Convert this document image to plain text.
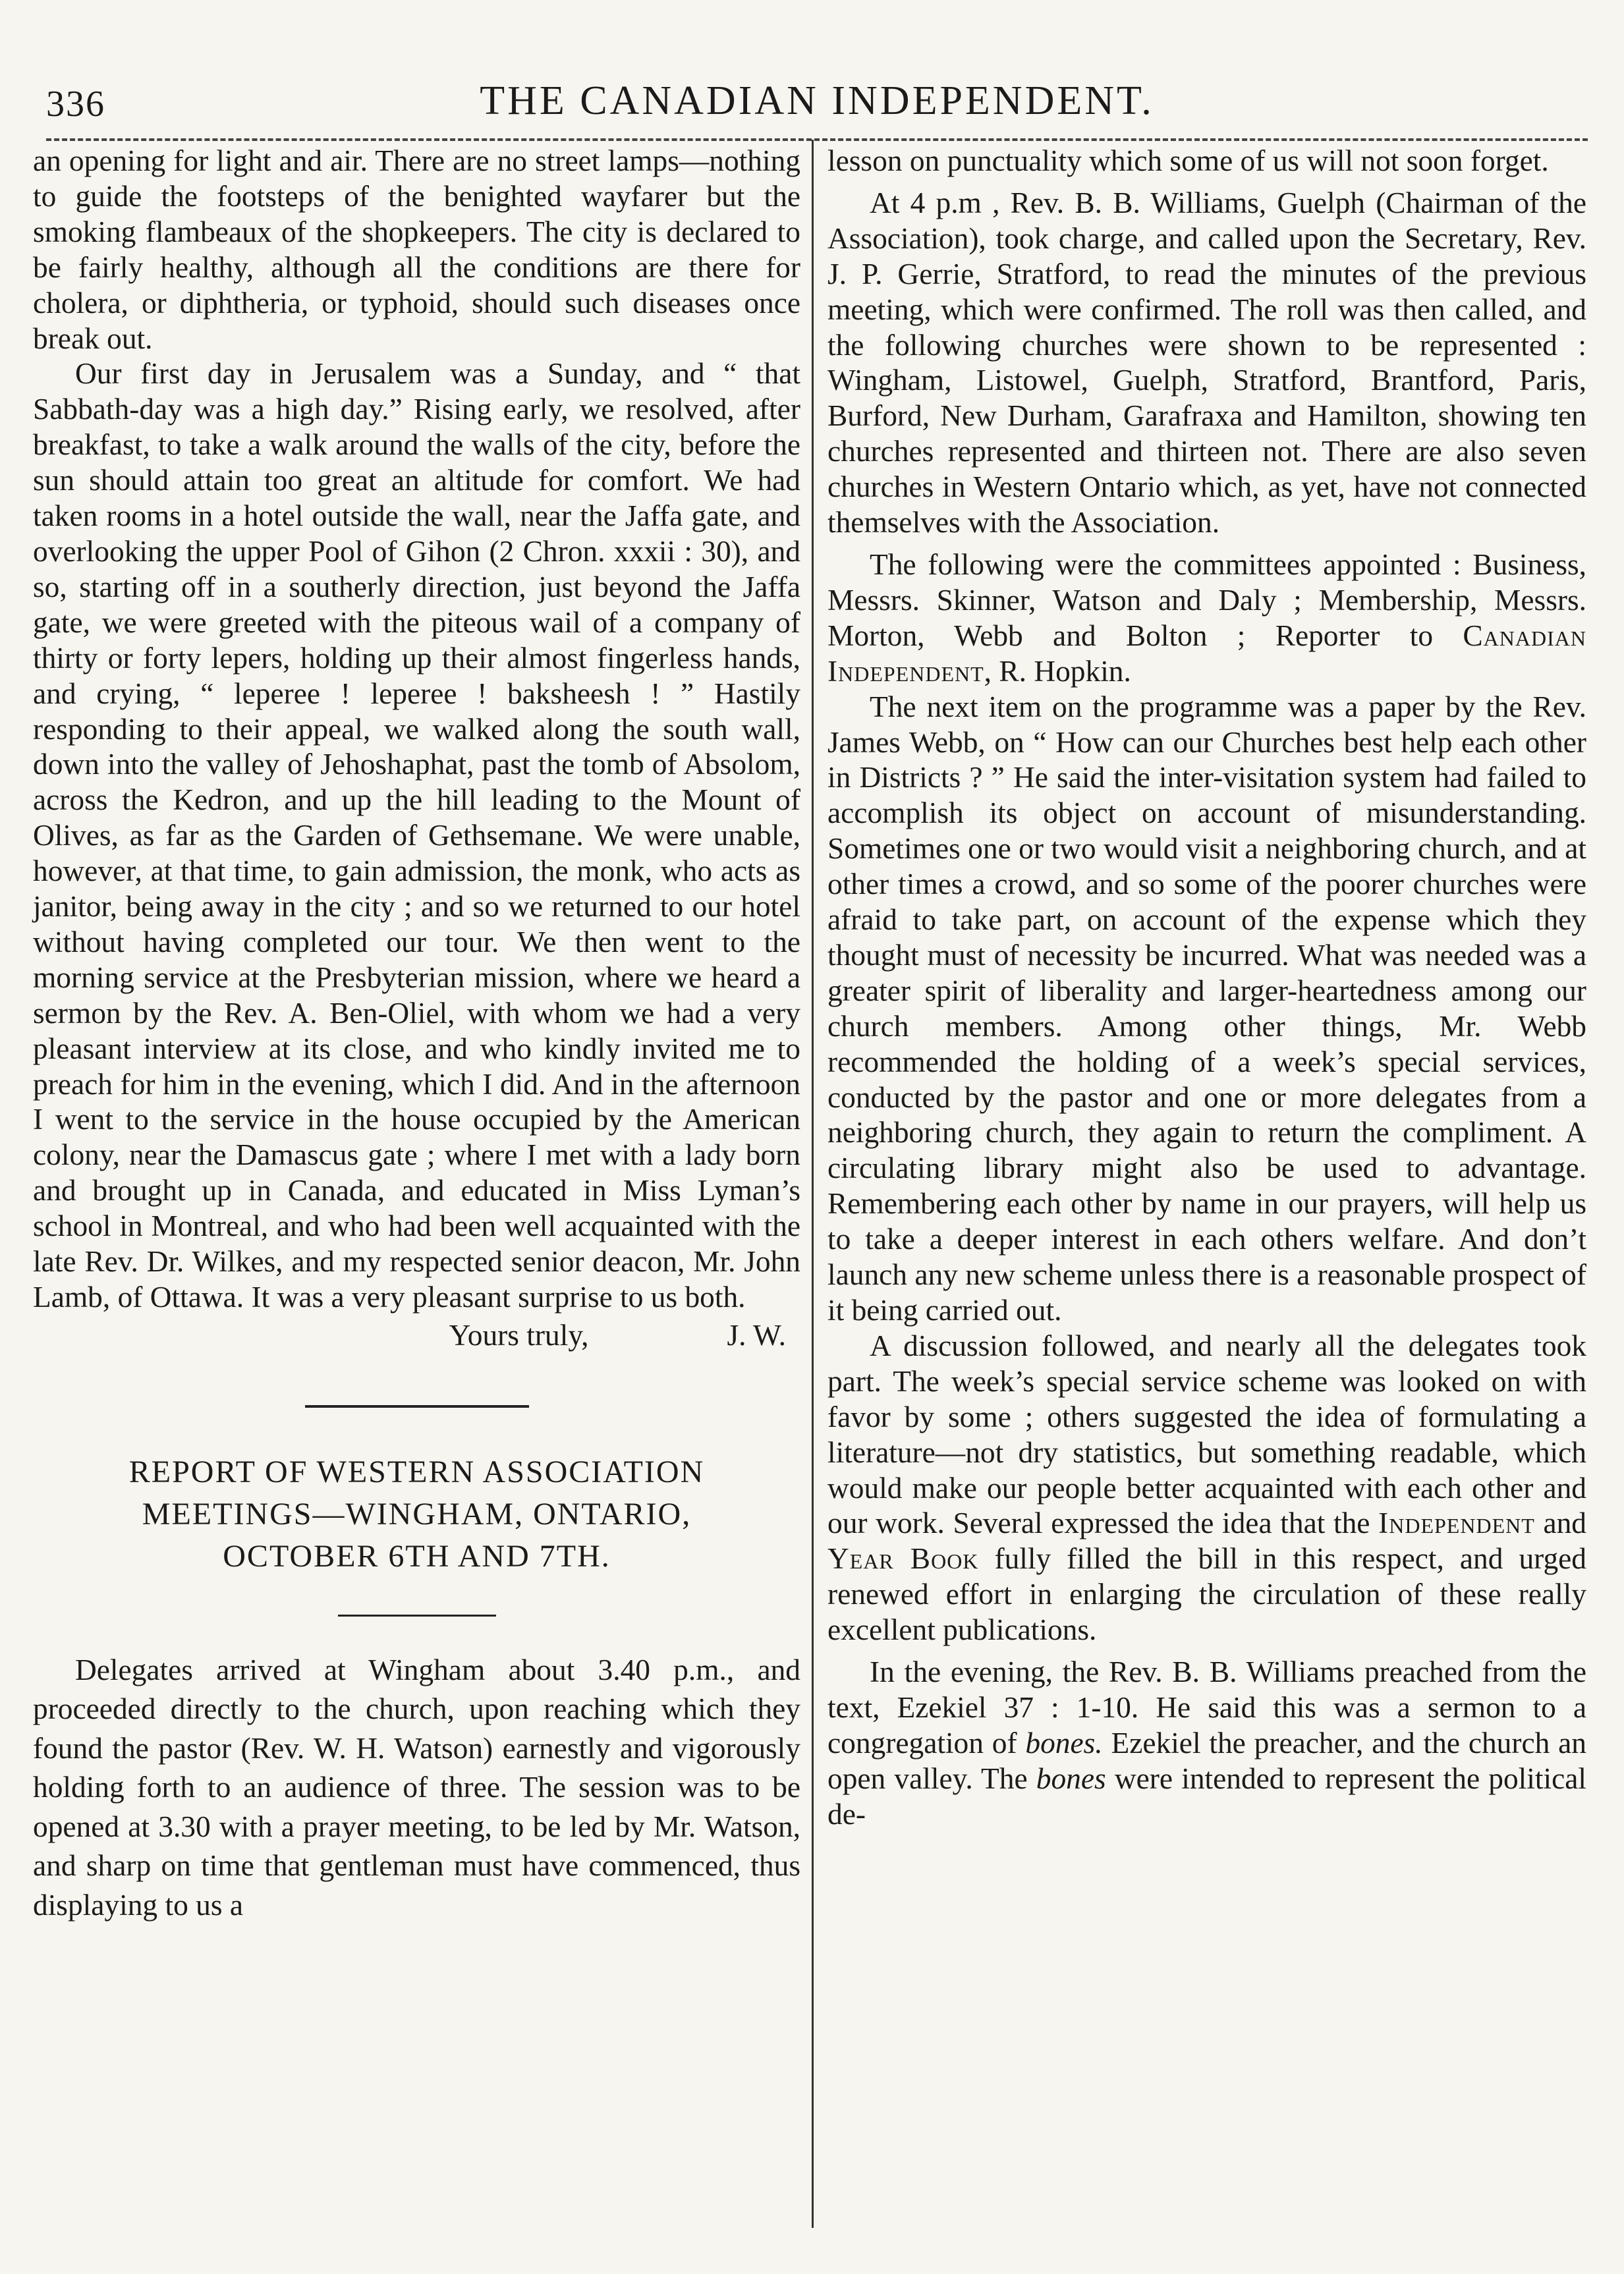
336	THE CANADIAN INDEPENDENT.

an opening for light and air. There are no street lamps—nothing to guide the footsteps of the benighted wayfarer but the smoking flambeaux of the shopkeepers. The city is declared to be fairly healthy, although all the conditions are there for cholera, or diphtheria, or typhoid, should such diseases once break out.

Our first day in Jerusalem was a Sunday, and “ that Sabbath-day was a high day.” Rising early, we resolved, after breakfast, to take a walk around the walls of the city, before the sun should attain too great an altitude for comfort. We had taken rooms in a hotel outside the wall, near the Jaffa gate, and overlooking the upper Pool of Gihon (2 Chron. xxxii : 30), and so, starting off in a southerly direction, just beyond the Jaffa gate, we were greeted with the piteous wail of a company of thirty or forty lepers, holding up their almost fingerless hands, and crying, “ leperee ! leperee ! baksheesh ! ” Hastily responding to their appeal, we walked along the south wall, down into the valley of Jehoshaphat, past the tomb of Absolom, across the Kedron, and up the hill leading to the Mount of Olives, as far as the Garden of Gethsemane. We were unable, however, at that time, to gain admission, the monk, who acts as janitor, being away in the city ; and so we returned to our hotel without having completed our tour. We then went to the morning service at the Presbyterian mission, where we heard a sermon by the Rev. A. Ben-Oliel, with whom we had a very pleasant interview at its close, and who kindly invited me to preach for him in the evening, which I did. And in the afternoon I went to the service in the house occupied by the American colony, near the Damascus gate ; where I met with a lady born and brought up in Canada, and educated in Miss Lyman’s school in Montreal, and who had been well acquainted with the late Rev. Dr. Wilkes, and my respected senior deacon, Mr. John Lamb, of Ottawa. It was a very pleasant surprise to us both.

Yours truly,	J. W.
REPORT OF WESTERN ASSOCIATION
MEETINGS—WINGHAM, ONTARIO,
OCTOBER 6TH AND 7TH.

Delegates arrived at Wingham about 3.40 p.m., and proceeded directly to the church, upon reaching which they found the pastor (Rev. W. H. Watson) earnestly and vigorously holding forth to an audience of three. The session was to be opened at 3.30 with a prayer meeting, to be led by Mr. Watson, and sharp on time that gentleman must have commenced, thus displaying to us a

lesson on punctuality which some of us will not soon forget.

At 4 p.m , Rev. B. B. Williams, Guelph (Chairman of the Association), took charge, and called upon the Secretary, Rev. J. P. Gerrie, Stratford, to read the minutes of the previous meeting, which were confirmed. The roll was then called, and the following churches were shown to be represented : Wingham, Listowel, Guelph, Stratford, Brantford, Paris, Burford, New Durham, Garafraxa and Hamilton, showing ten churches represented and thirteen not. There are also seven churches in Western Ontario which, as yet, have not connected themselves with the Association.

The following were the committees appointed : Business, Messrs. Skinner, Watson and Daly ; Membership, Messrs. Morton, Webb and Bolton ; Reporter to Canadian Independent, R. Hopkin.

The next item on the programme was a paper by the Rev. James Webb, on “ How can our Churches best help each other in Districts ? ” He said the inter-visitation system had failed to accomplish its object on account of misunderstanding. Sometimes one or two would visit a neighboring church, and at other times a crowd, and so some of the poorer churches were afraid to take part, on account of the expense which they thought must of necessity be incurred. What was needed was a greater spirit of liberality and larger-heartedness among our church members. Among other things, Mr. Webb recommended the holding of a week’s special services, conducted by the pastor and one or more delegates from a neighboring church, they again to return the compliment. A circulating library might also be used to advantage. Remembering each other by name in our prayers, will help us to take a deeper interest in each others welfare. And don’t launch any new scheme unless there is a reasonable prospect of it being carried out.

A discussion followed, and nearly all the delegates took part. The week’s special service scheme was looked on with favor by some ; others suggested the idea of formulating a literature—not dry statistics, but something readable, which would make our people better acquainted with each other and our work. Several expressed the idea that the Independent and Year Book fully filled the bill in this respect, and urged renewed effort in enlarging the circulation of these really excellent publications.

In the evening, the Rev. B. B. Williams preached from the text, Ezekiel 37 : 1-10. He said this was a sermon to a congregation of bones. Ezekiel the preacher, and the church an open valley. The bones were intended to represent the political de-
